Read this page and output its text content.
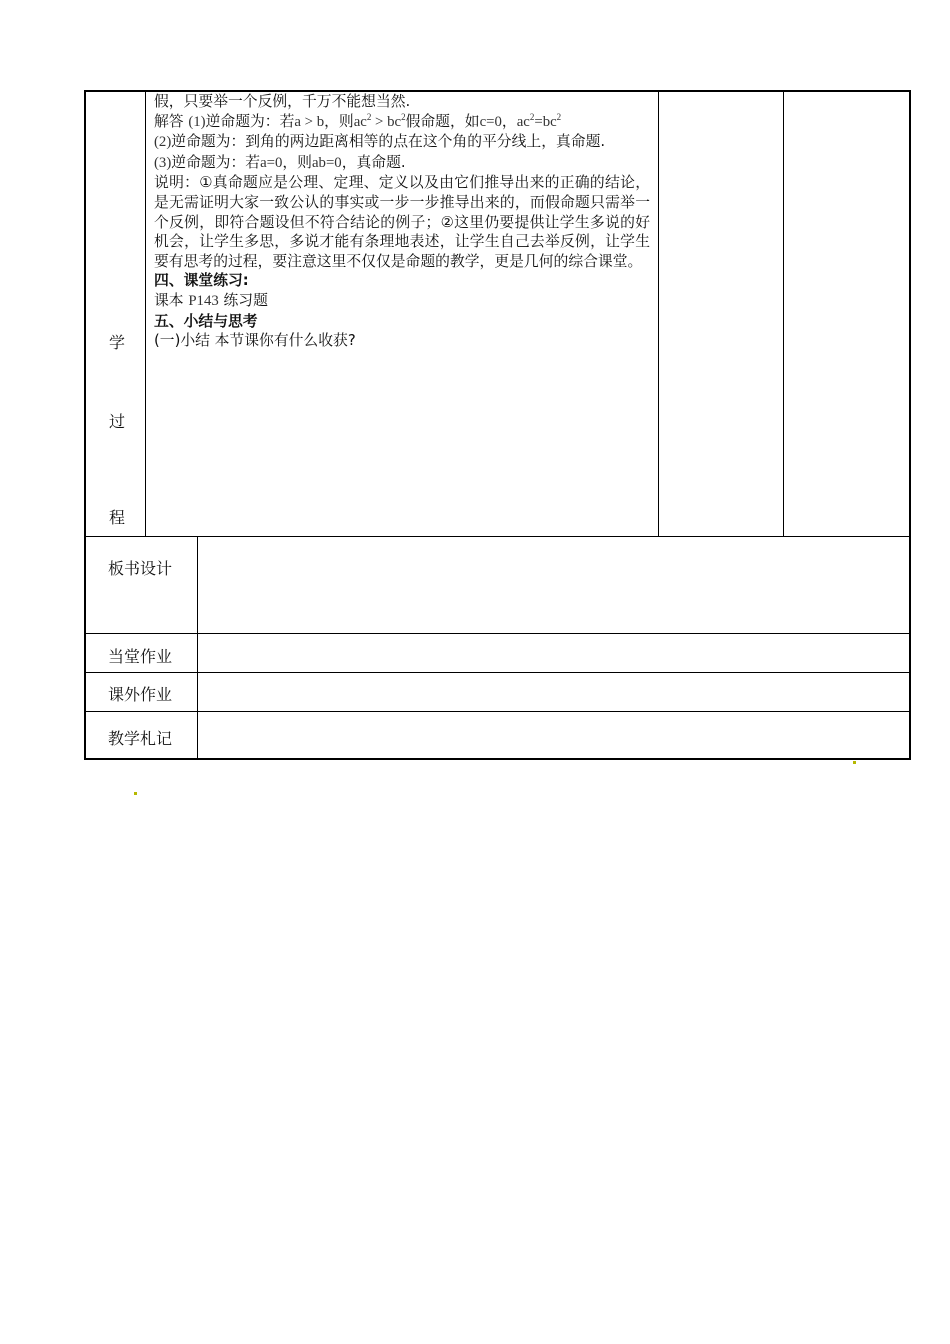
学
过
程

假，只要举一个反例，千万不能想当然.

解答 (1)逆命题为：若a > b，则$ac^2 > bc^2$假命题，如c=0，$ac^2=bc^2$

(2)逆命题为：到角的两边距离相等的点在这个角的平分线上，真命题.

(3)逆命题为：若a=0，则ab=0，真命题.

说明：①真命题应是公理、定理、定义以及由它们推导出来的正确的结论，是无需证明大家一致公认的事实或一步一步推导出来的，而假命题只需举一个反例，即符合题设但不符合结论的例子；②这里仍要提供让学生多说的好机会，让学生多思，多说才能有条理地表述，让学生自己去举反例，让学生要有思考的过程，要注意这里不仅仅是命题的教学，更是几何的综合课堂。

四、课堂练习:

课本 P143 练习题

五、小结与思考

(一)小结 本节课你有什么收获?

板书设计
当堂作业
课外作业
教学札记
